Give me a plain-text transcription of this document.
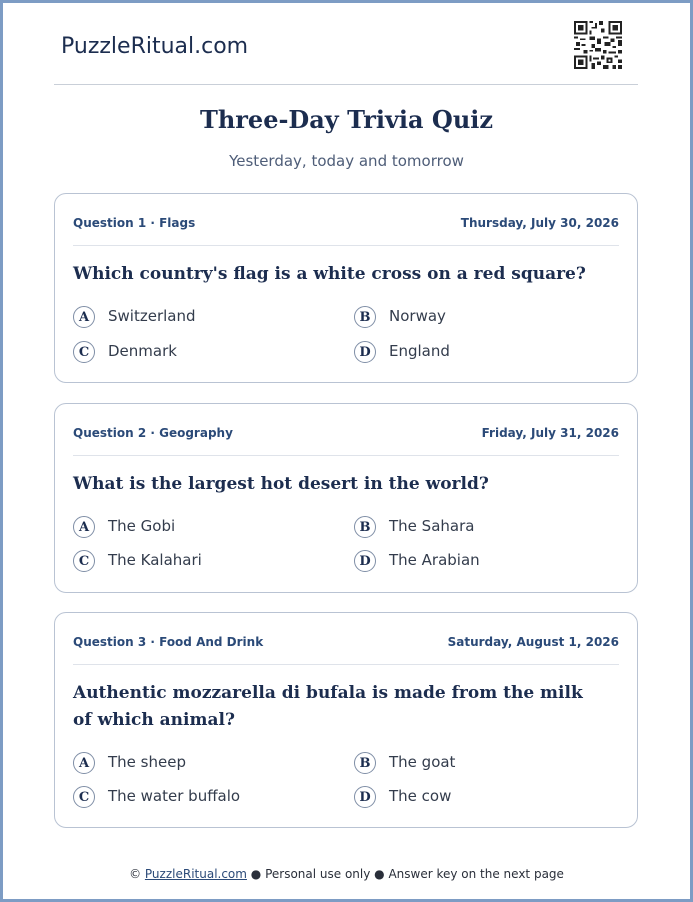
PuzzleRitual.com
Three-Day Trivia Quiz
Yesterday, today and tomorrow
Question 1 · Flags	Thursday, July 30, 2026
Which country's flag is a white cross on a red square?
A	Switzerland	B	Norway
C	Denmark	D	England
Question 2 · Geography	Friday, July 31, 2026
What is the largest hot desert in the world?
A	The Gobi	B	The Sahara
C	The Kalahari	D	The Arabian
Question 3 · Food And Drink	Saturday, August 1, 2026
Authentic mozzarella di bufala is made from the milk of which animal?
A	The sheep	B	The goat
C	The water buffalo	D	The cow
© PuzzleRitual.com ● Personal use only ● Answer key on the next page
